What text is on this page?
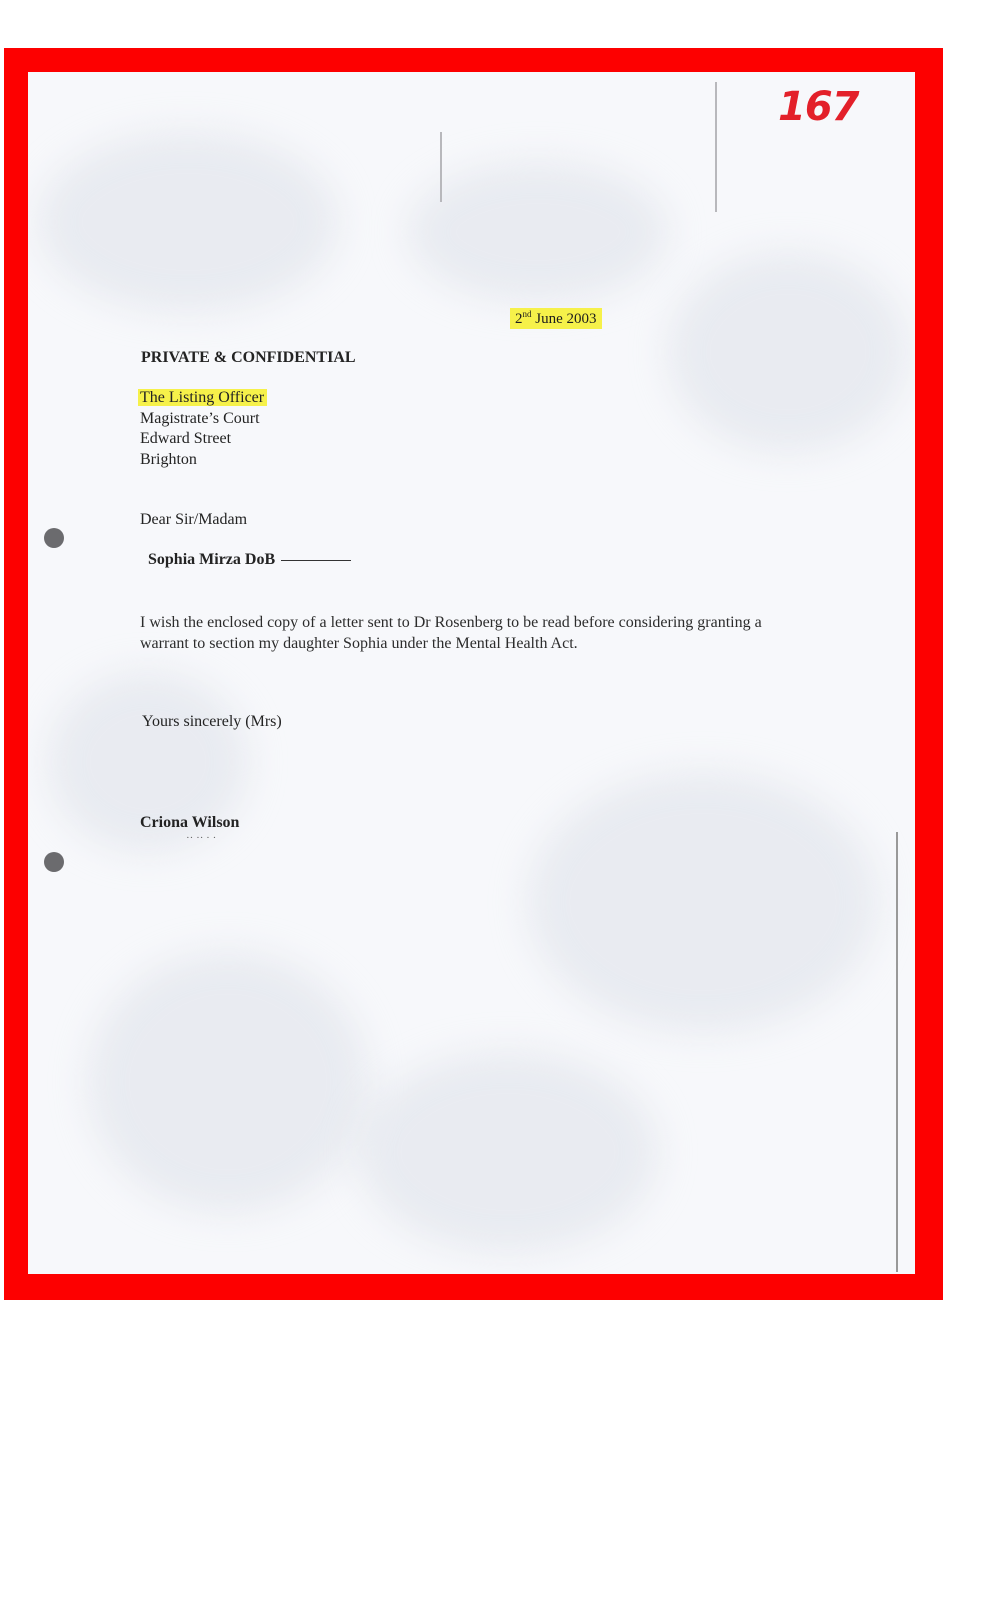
167
2nd June 2003
PRIVATE & CONFIDENTIAL
The Listing Officer
Magistrate’s Court
Edward Street
Brighton
Dear Sir/Madam
Sophia Mirza DoB
I wish the enclosed copy of a letter sent to Dr Rosenberg to be read before considering granting a warrant to section my daughter Sophia under the Mental Health Act.
Yours sincerely (Mrs)
Criona Wilson
·· ·· · ·
